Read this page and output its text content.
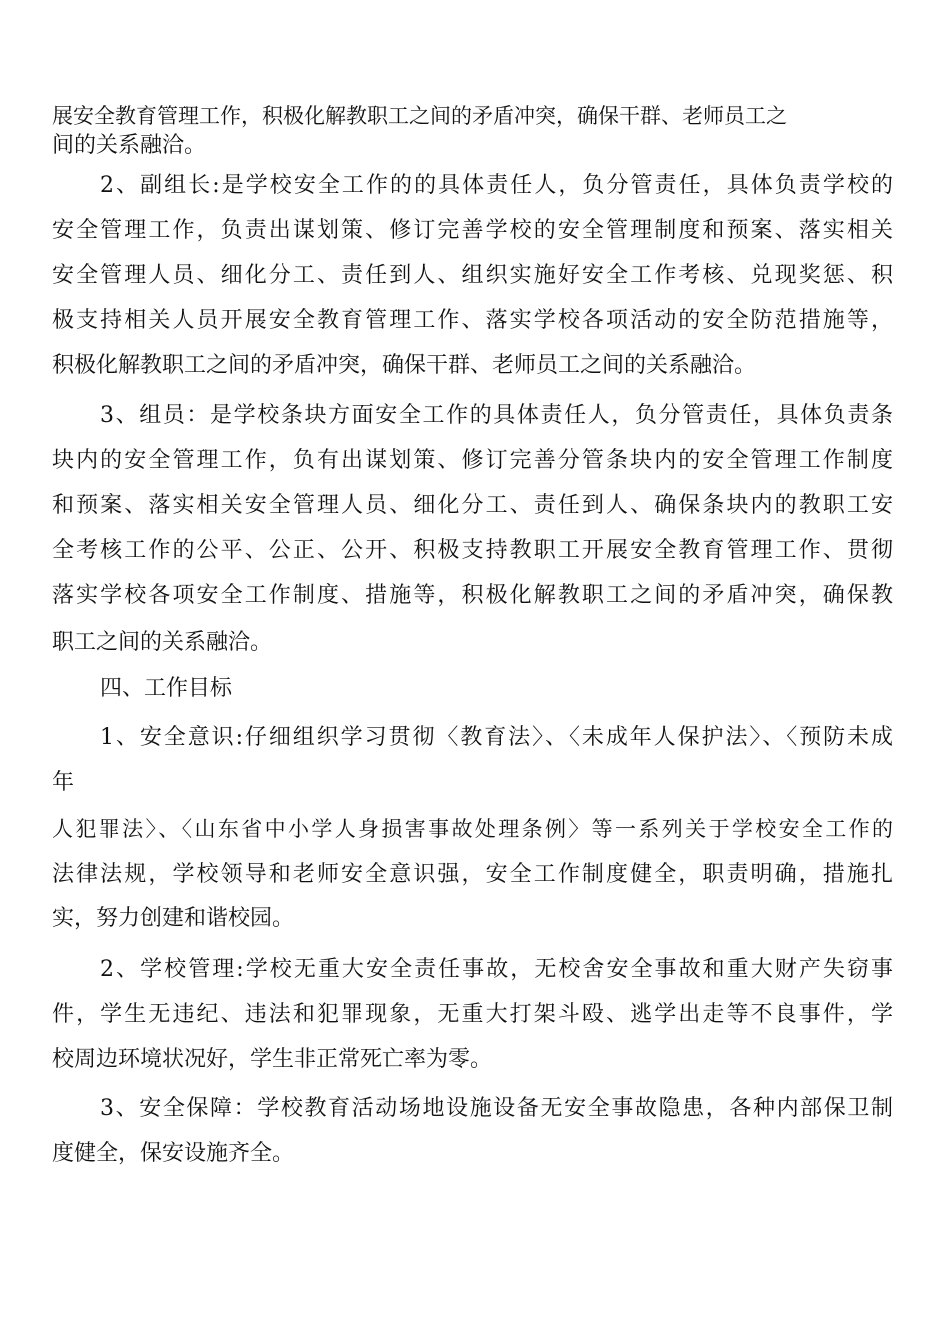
展安全教育管理工作，积极化解教职工之间的矛盾冲突，确保干群、老师员工之
间的关系融洽。
2、副组长:是学校安全工作的的具体责任人，负分管责任，具体负责学校的
安全管理工作，负责出谋划策、修订完善学校的安全管理制度和预案、落实相关
安全管理人员、细化分工、责任到人、组织实施好安全工作考核、兑现奖惩、积
极支持相关人员开展安全教育管理工作、落实学校各项活动的安全防范措施等，
积极化解教职工之间的矛盾冲突，确保干群、老师员工之间的关系融洽。
3、组员：是学校条块方面安全工作的具体责任人，负分管责任，具体负责条
块内的安全管理工作，负有出谋划策、修订完善分管条块内的安全管理工作制度
和预案、落实相关安全管理人员、细化分工、责任到人、确保条块内的教职工安
全考核工作的公平、公正、公开、积极支持教职工开展安全教育管理工作、贯彻
落实学校各项安全工作制度、措施等，积极化解教职工之间的矛盾冲突，确保教
职工之间的关系融洽。
四、工作目标
1、安全意识:仔细组织学习贯彻〈教育法〉、〈未成年人保护法〉、〈预防未成
年
人犯罪法〉、〈山东省中小学人身损害事故处理条例〉等一系列关于学校安全工作的
法律法规，学校领导和老师安全意识强，安全工作制度健全，职责明确，措施扎
实，努力创建和谐校园。
2、学校管理:学校无重大安全责任事故，无校舍安全事故和重大财产失窃事
件，学生无违纪、违法和犯罪现象，无重大打架斗殴、逃学出走等不良事件，学
校周边环境状况好，学生非正常死亡率为零。
3、安全保障：学校教育活动场地设施设备无安全事故隐患，各种内部保卫制
度健全，保安设施齐全。
